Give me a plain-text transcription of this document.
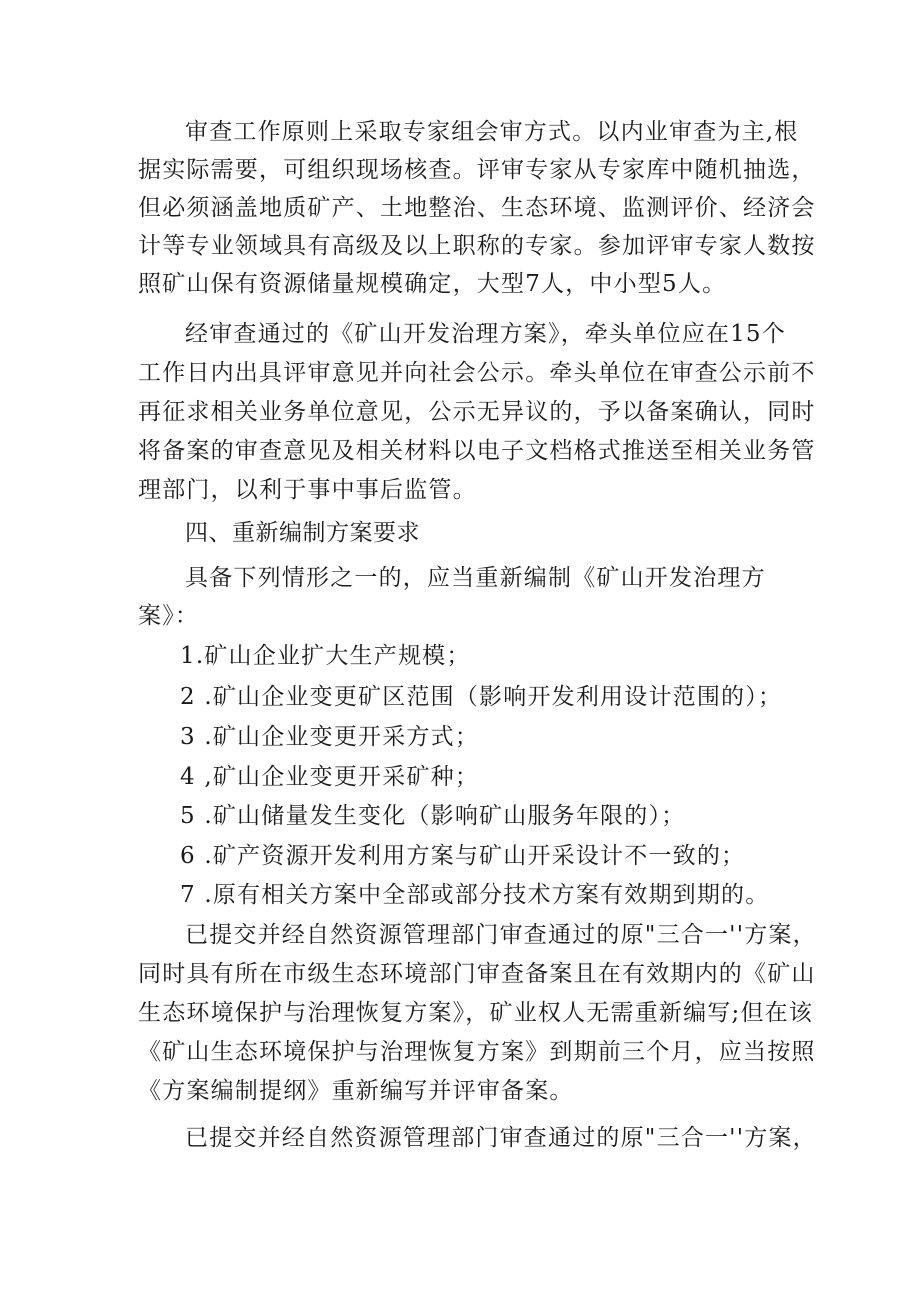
审查工作原则上采取专家组会审方式。以内业审查为主,根
据实际需要，可组织现场核查。评审专家从专家库中随机抽选，
但必须涵盖地质矿产、土地整治、生态环境、监测评价、经济会
计等专业领域具有高级及以上职称的专家。参加评审专家人数按
照矿山保有资源储量规模确定，大型7人，中小型5人。
经审查通过的《矿山开发治理方案》，牵头单位应在15个
工作日内出具评审意见并向社会公示。牵头单位在审查公示前不
再征求相关业务单位意见，公示无异议的，予以备案确认，同时
将备案的审查意见及相关材料以电子文档格式推送至相关业务管
理部门，以利于事中事后监管。
四、重新编制方案要求
具备下列情形之一的，应当重新编制《矿山开发治理方
案》：
1.矿山企业扩大生产规模；
2 .矿山企业变更矿区范围（影响开发利用设计范围的）；
3 .矿山企业变更开采方式；
4 ,矿山企业变更开采矿种；
5 .矿山储量发生变化（影响矿山服务年限的）；
6 .矿产资源开发利用方案与矿山开采设计不一致的；
7 .原有相关方案中全部或部分技术方案有效期到期的。
已提交并经自然资源管理部门审查通过的原"三合一''方案，
同时具有所在市级生态环境部门审查备案且在有效期内的《矿山
生态环境保护与治理恢复方案》，矿业权人无需重新编写;但在该
《矿山生态环境保护与治理恢复方案》到期前三个月，应当按照
《方案编制提纲》重新编写并评审备案。
已提交并经自然资源管理部门审查通过的原"三合一''方案，
